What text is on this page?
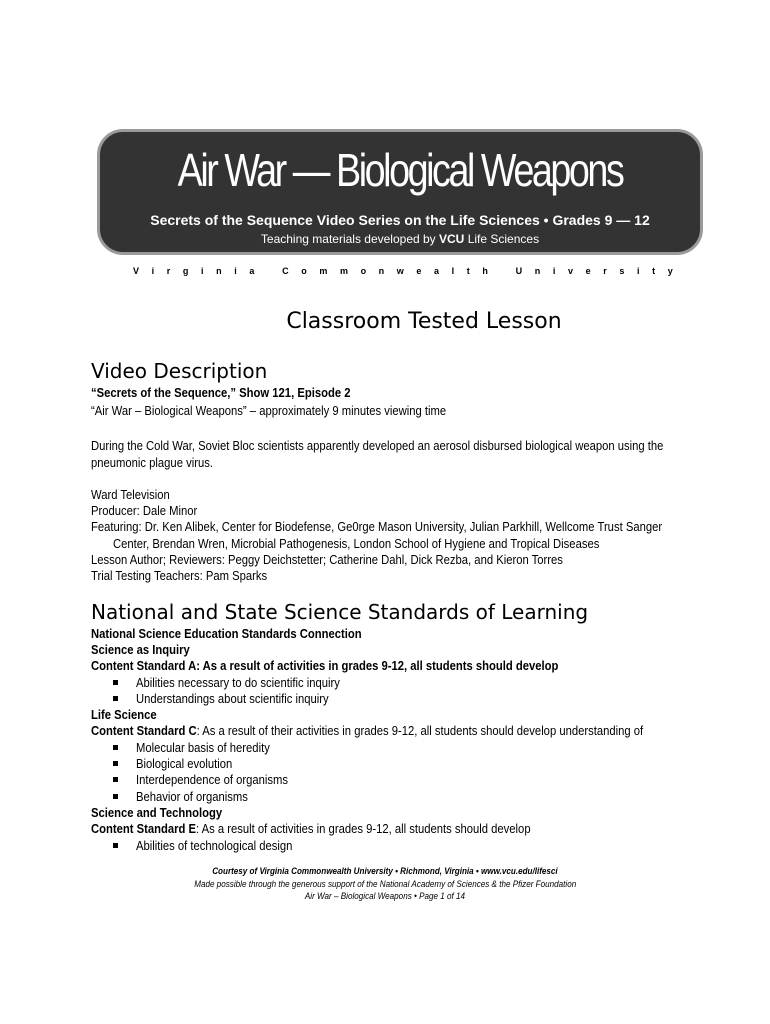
Air War — Biological Weapons
Secrets of the Sequence Video Series on the Life Sciences • Grades 9 — 12
Teaching materials developed by VCU Life Sciences
V i r g i n i a
	C o m m o n w e a l t h
	U n i v e r s i t y
Classroom Tested Lesson
Video Description
“Secrets of the Sequence,” Show 121, Episode 2
“Air War – Biological Weapons” – approximately 9 minutes viewing time
During the Cold War, Soviet Bloc scientists apparently developed an aerosol disbursed biological weapon using the
pneumonic plague virus.
Ward Television
Producer: Dale Minor
Featuring: Dr. Ken Alibek, Center for Biodefense, Ge0rge Mason University, Julian Parkhill, Wellcome Trust Sanger
Center, Brendan Wren, Microbial Pathogenesis, London School of Hygiene and Tropical Diseases
Lesson Author; Reviewers: Peggy Deichstetter; Catherine Dahl, Dick Rezba, and Kieron Torres
Trial Testing Teachers: Pam Sparks
National and State Science Standards of Learning
National Science Education Standards Connection
Science as Inquiry
Content Standard A: As a result of activities in grades 9-12, all students should develop
Abilities necessary to do scientific inquiry
Understandings about scientific inquiry
Life Science
Content Standard C: As a result of their activities in grades 9-12, all students should develop understanding of
Molecular basis of heredity
Biological evolution
Interdependence of organisms
Behavior of organisms
Science and Technology
Content Standard E: As a result of activities in grades 9-12, all students should develop
Abilities of technological design
Courtesy of Virginia Commonwealth University • Richmond, Virginia • www.vcu.edu/lifesci
Made possible through the generous support of the National Academy of Sciences & the Pfizer Foundation
Air War – Biological Weapons • Page 1 of 14
